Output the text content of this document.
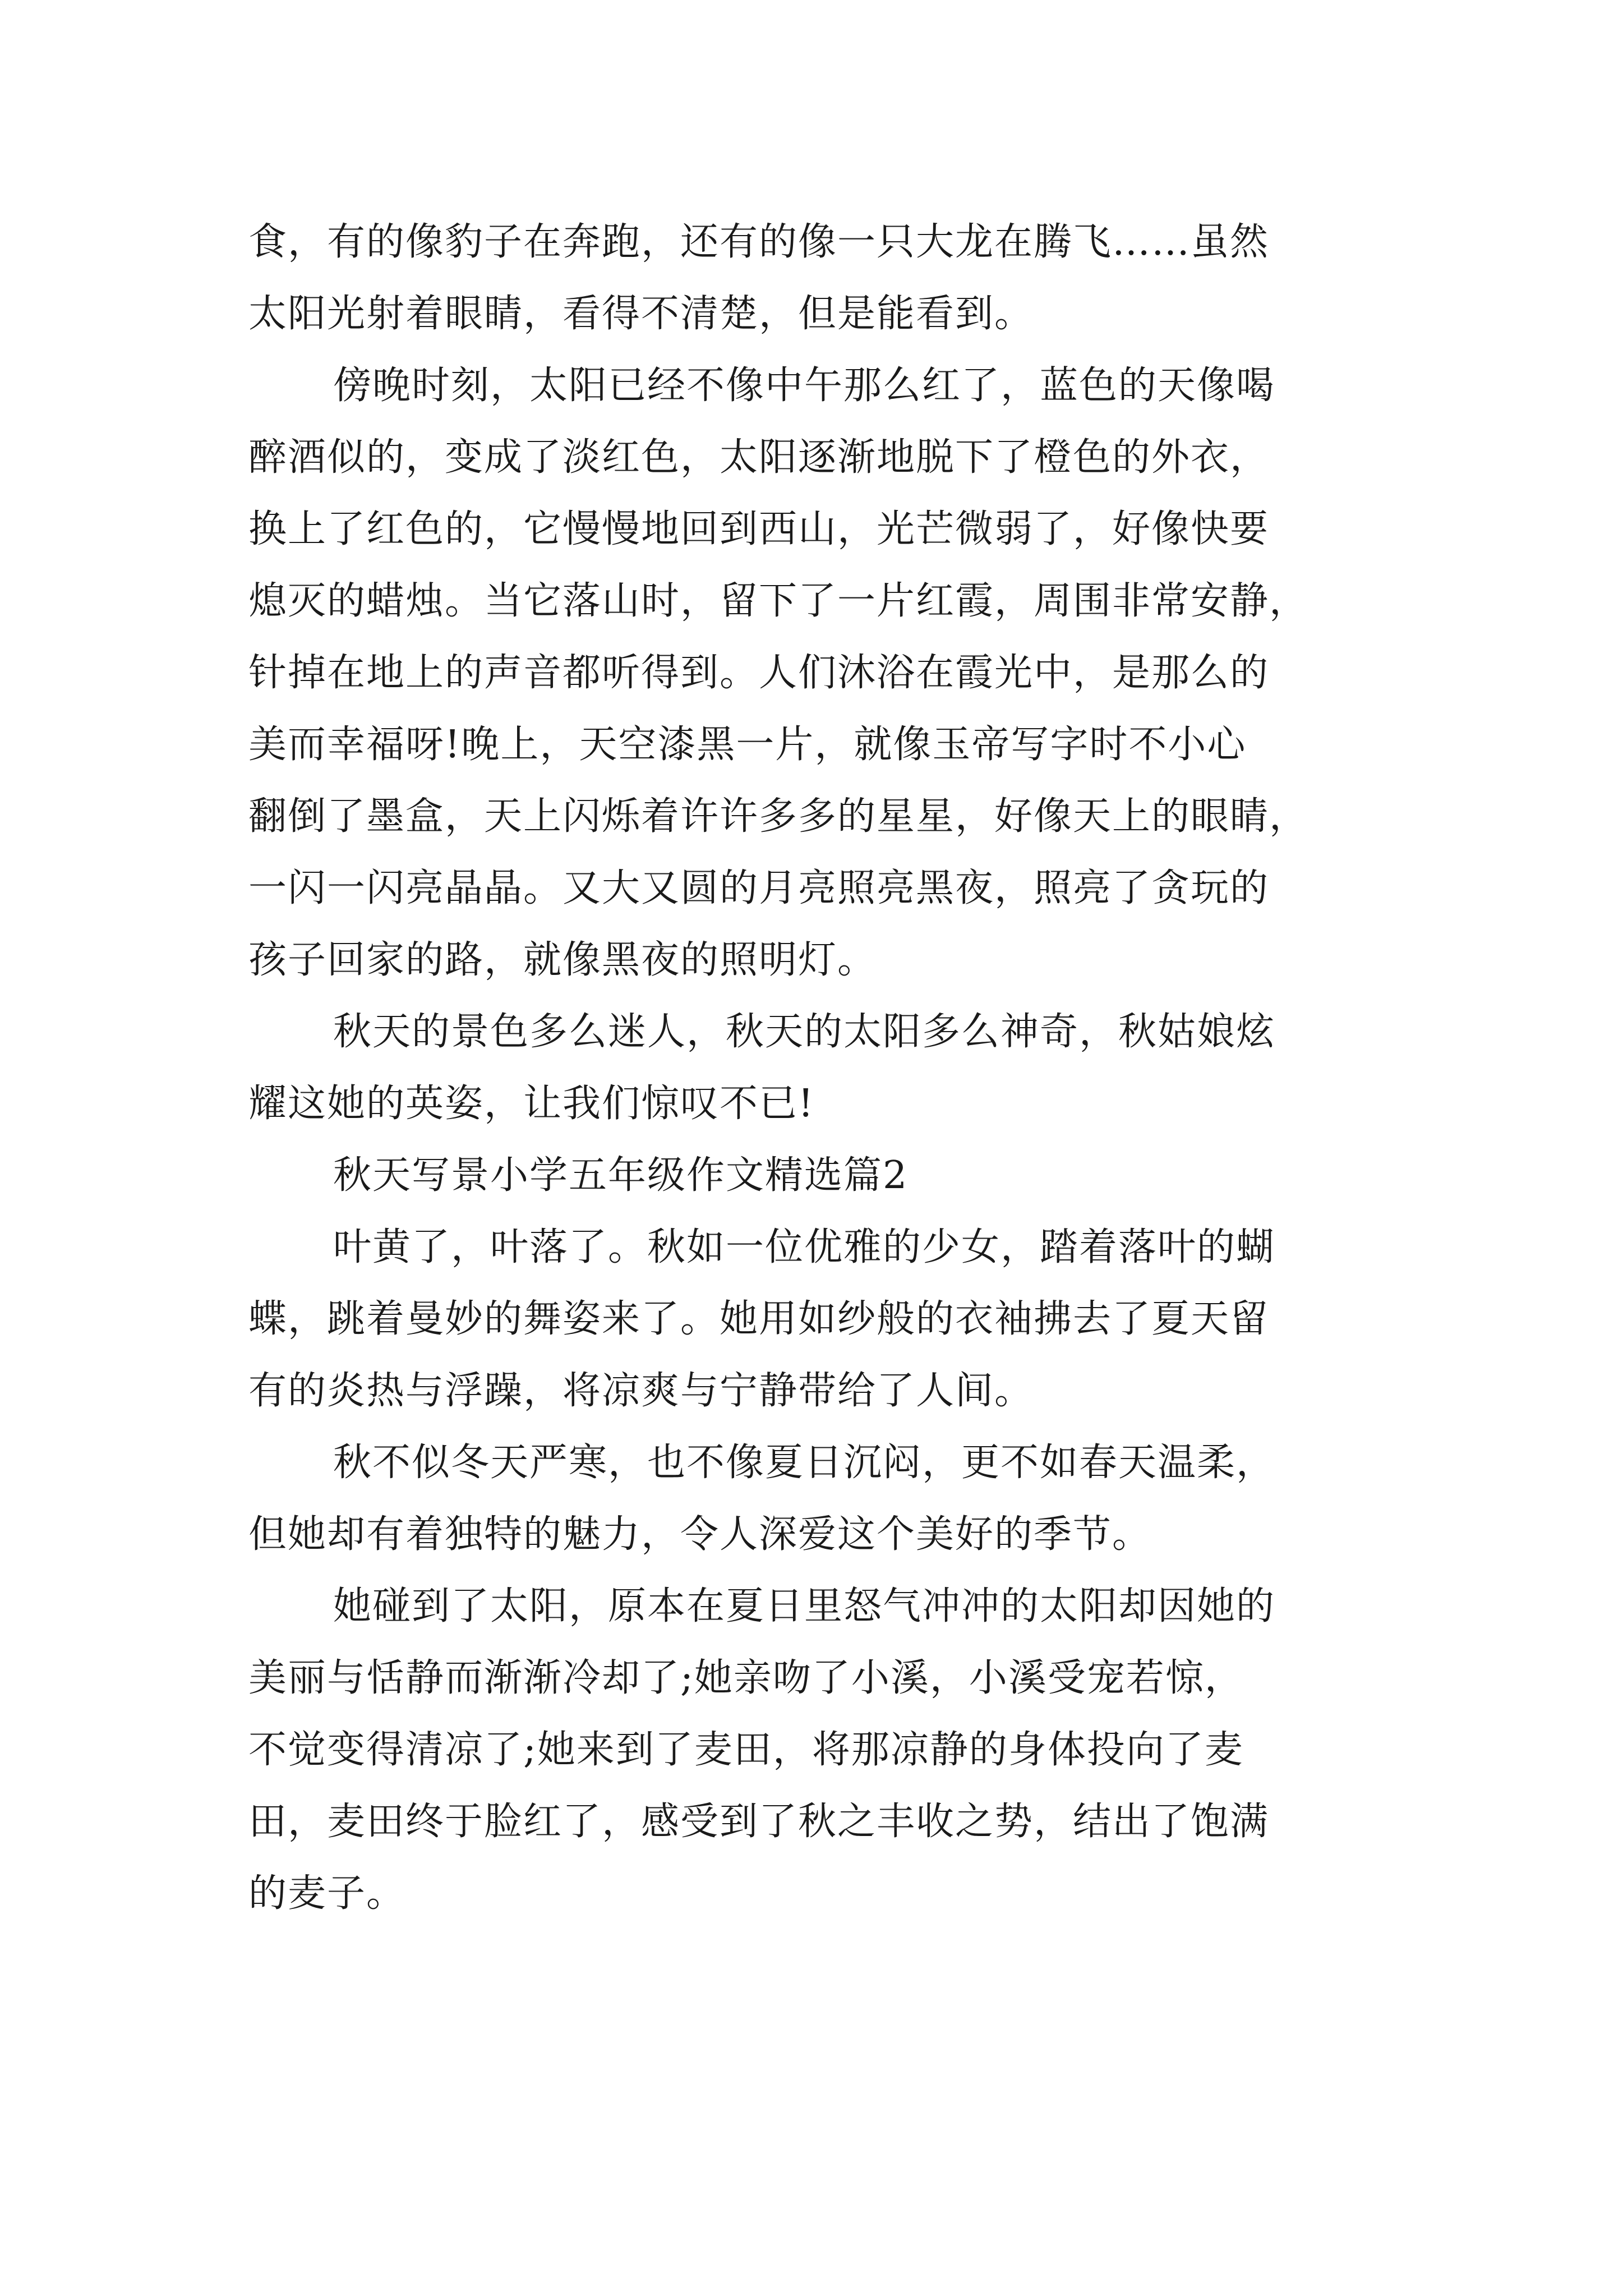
食，有的像豹子在奔跑，还有的像一只大龙在腾飞……虽然
太阳光射着眼睛，看得不清楚，但是能看到。
傍晚时刻，太阳已经不像中午那么红了，蓝色的天像喝
醉酒似的，变成了淡红色，太阳逐渐地脱下了橙色的外衣，
换上了红色的，它慢慢地回到西山，光芒微弱了，好像快要
熄灭的蜡烛。当它落山时，留下了一片红霞，周围非常安静，
针掉在地上的声音都听得到。人们沐浴在霞光中，是那么的
美而幸福呀!晚上，天空漆黑一片，就像玉帝写字时不小心
翻倒了墨盒，天上闪烁着许许多多的星星，好像天上的眼睛，
一闪一闪亮晶晶。又大又圆的月亮照亮黑夜，照亮了贪玩的
孩子回家的路，就像黑夜的照明灯。
秋天的景色多么迷人，秋天的太阳多么神奇，秋姑娘炫
耀这她的英姿，让我们惊叹不已!
秋天写景小学五年级作文精选篇2
叶黄了，叶落了。秋如一位优雅的少女，踏着落叶的蝴
蝶，跳着曼妙的舞姿来了。她用如纱般的衣袖拂去了夏天留
有的炎热与浮躁，将凉爽与宁静带给了人间。
秋不似冬天严寒，也不像夏日沉闷，更不如春天温柔，
但她却有着独特的魅力，令人深爱这个美好的季节。
她碰到了太阳，原本在夏日里怒气冲冲的太阳却因她的
美丽与恬静而渐渐冷却了;她亲吻了小溪，小溪受宠若惊，
不觉变得清凉了;她来到了麦田，将那凉静的身体投向了麦
田，麦田终于脸红了，感受到了秋之丰收之势，结出了饱满
的麦子。
